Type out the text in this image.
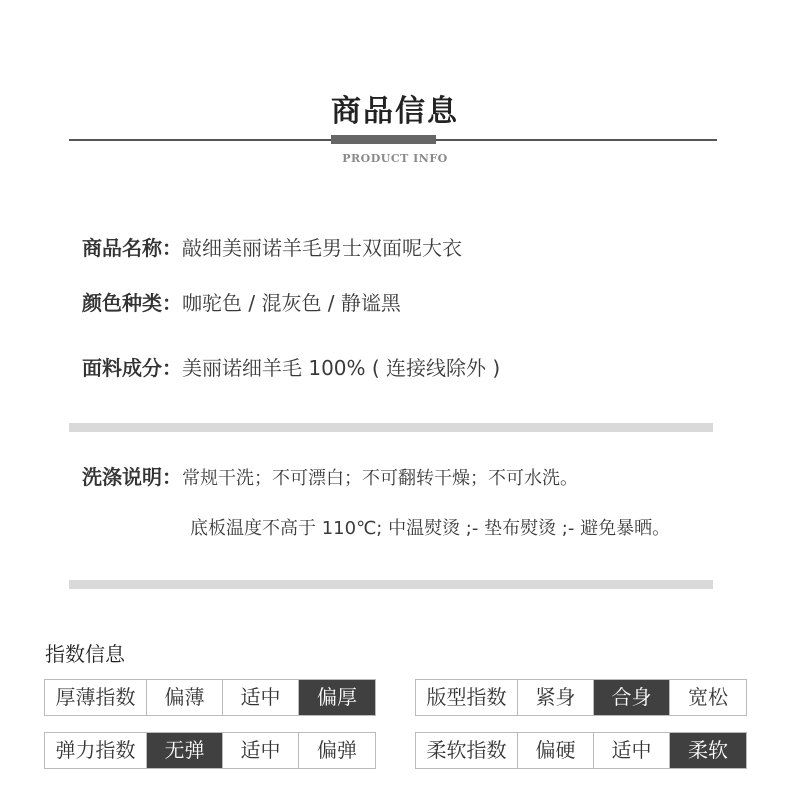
商品信息
PRODUCT INFO
商品名称：敲细美丽诺羊毛男士双面呢大衣
颜色种类：咖驼色 / 混灰色 / 静谧黑
面料成分：美丽诺细羊毛 100% ( 连接线除外 )
洗涤说明：常规干洗；不可漂白；不可翻转干燥；不可水洗。
底板温度不高于 110℃; 中温熨烫 ;- 垫布熨烫 ;- 避免暴晒。
指数信息
厚薄指数	偏薄	适中	偏厚	版型指数	紧身	合身	宽松
弹力指数	无弹	适中	偏弹	柔软指数	偏硬	适中	柔软
